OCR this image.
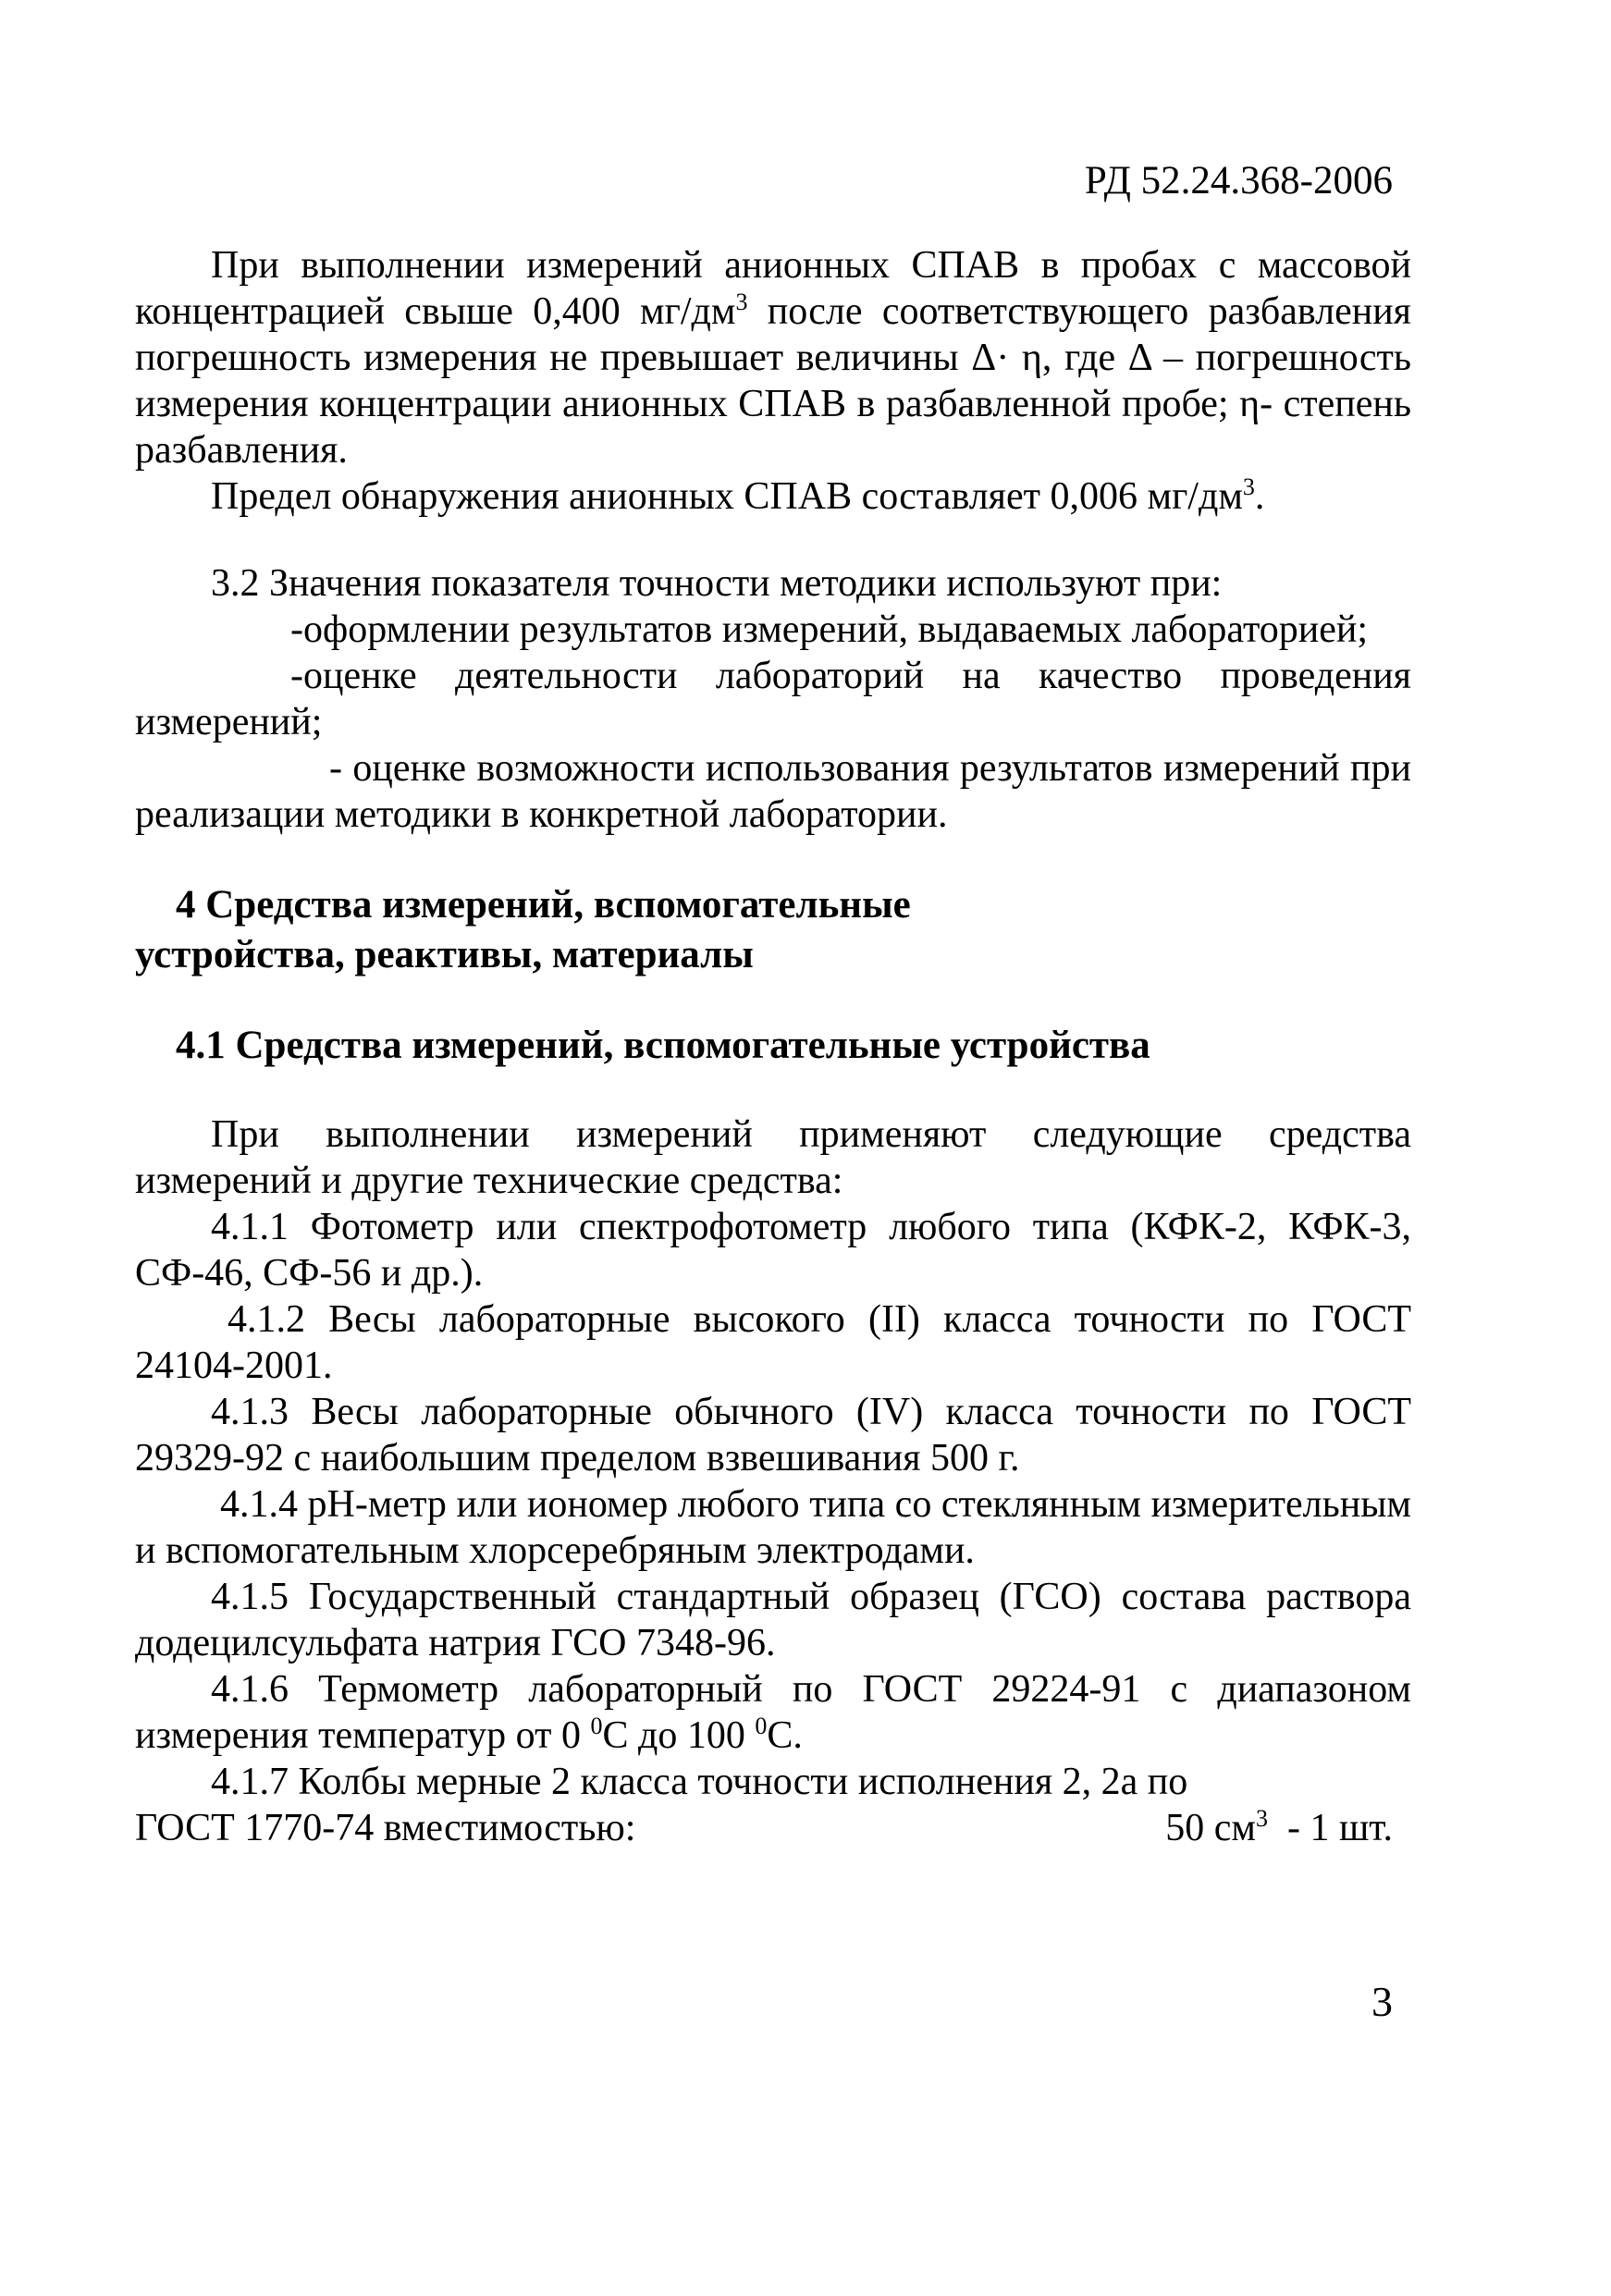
РД 52.24.368-2006

При выполнении измерений анионных СПАВ в пробах с массовой концентрацией свыше 0,400 $мг/дм^3$ после соответствующего разбавления погрешность измерения не превышает величины Δ· η, где Δ – погрешность измерения концентрации анионных СПАВ в разбавленной пробе; η- степень разбавления.

Предел обнаружения анионных СПАВ составляет 0,006 $мг/дм^3$.

3.2 Значения показателя точности методики используют при:

-оформлении результатов измерений, выдаваемых лабораторией;

-оценке деятельности лабораторий на качество проведения измерений;

- оценке возможности использования результатов измерений при реализации методики в конкретной лаборатории.

4 Средства измерений, вспомогательные устройства, реактивы, материалы

4.1 Средства измерений, вспомогательные устройства

При выполнении измерений применяют следующие средства измерений и другие технические средства:

4.1.1 Фотометр или спектрофотометр любого типа (КФК-2, КФК-3, СФ-46, СФ-56 и др.).

4.1.2 Весы лабораторные высокого (II) класса точности по ГОСТ 24104-2001.

4.1.3 Весы лабораторные обычного (IV) класса точности по ГОСТ 29329-92 с наибольшим пределом взвешивания 500 г.

4.1.4 рН-метр или иономер любого типа со стеклянным измерительным и вспомогательным хлорсеребряным электродами.

4.1.5 Государственный стандартный образец (ГСО) состава раствора додецилсульфата натрия ГСО 7348-96.

4.1.6 Термометр лабораторный по ГОСТ 29224-91 с диапазоном измерения температур от 0 $^0$С до 100 $^0$С.

4.1.7 Колбы мерные 2 класса точности исполнения 2, 2а по

ГОСТ 1770-74 вместимостью:	50 $см^3 - 1$ шт.
3
